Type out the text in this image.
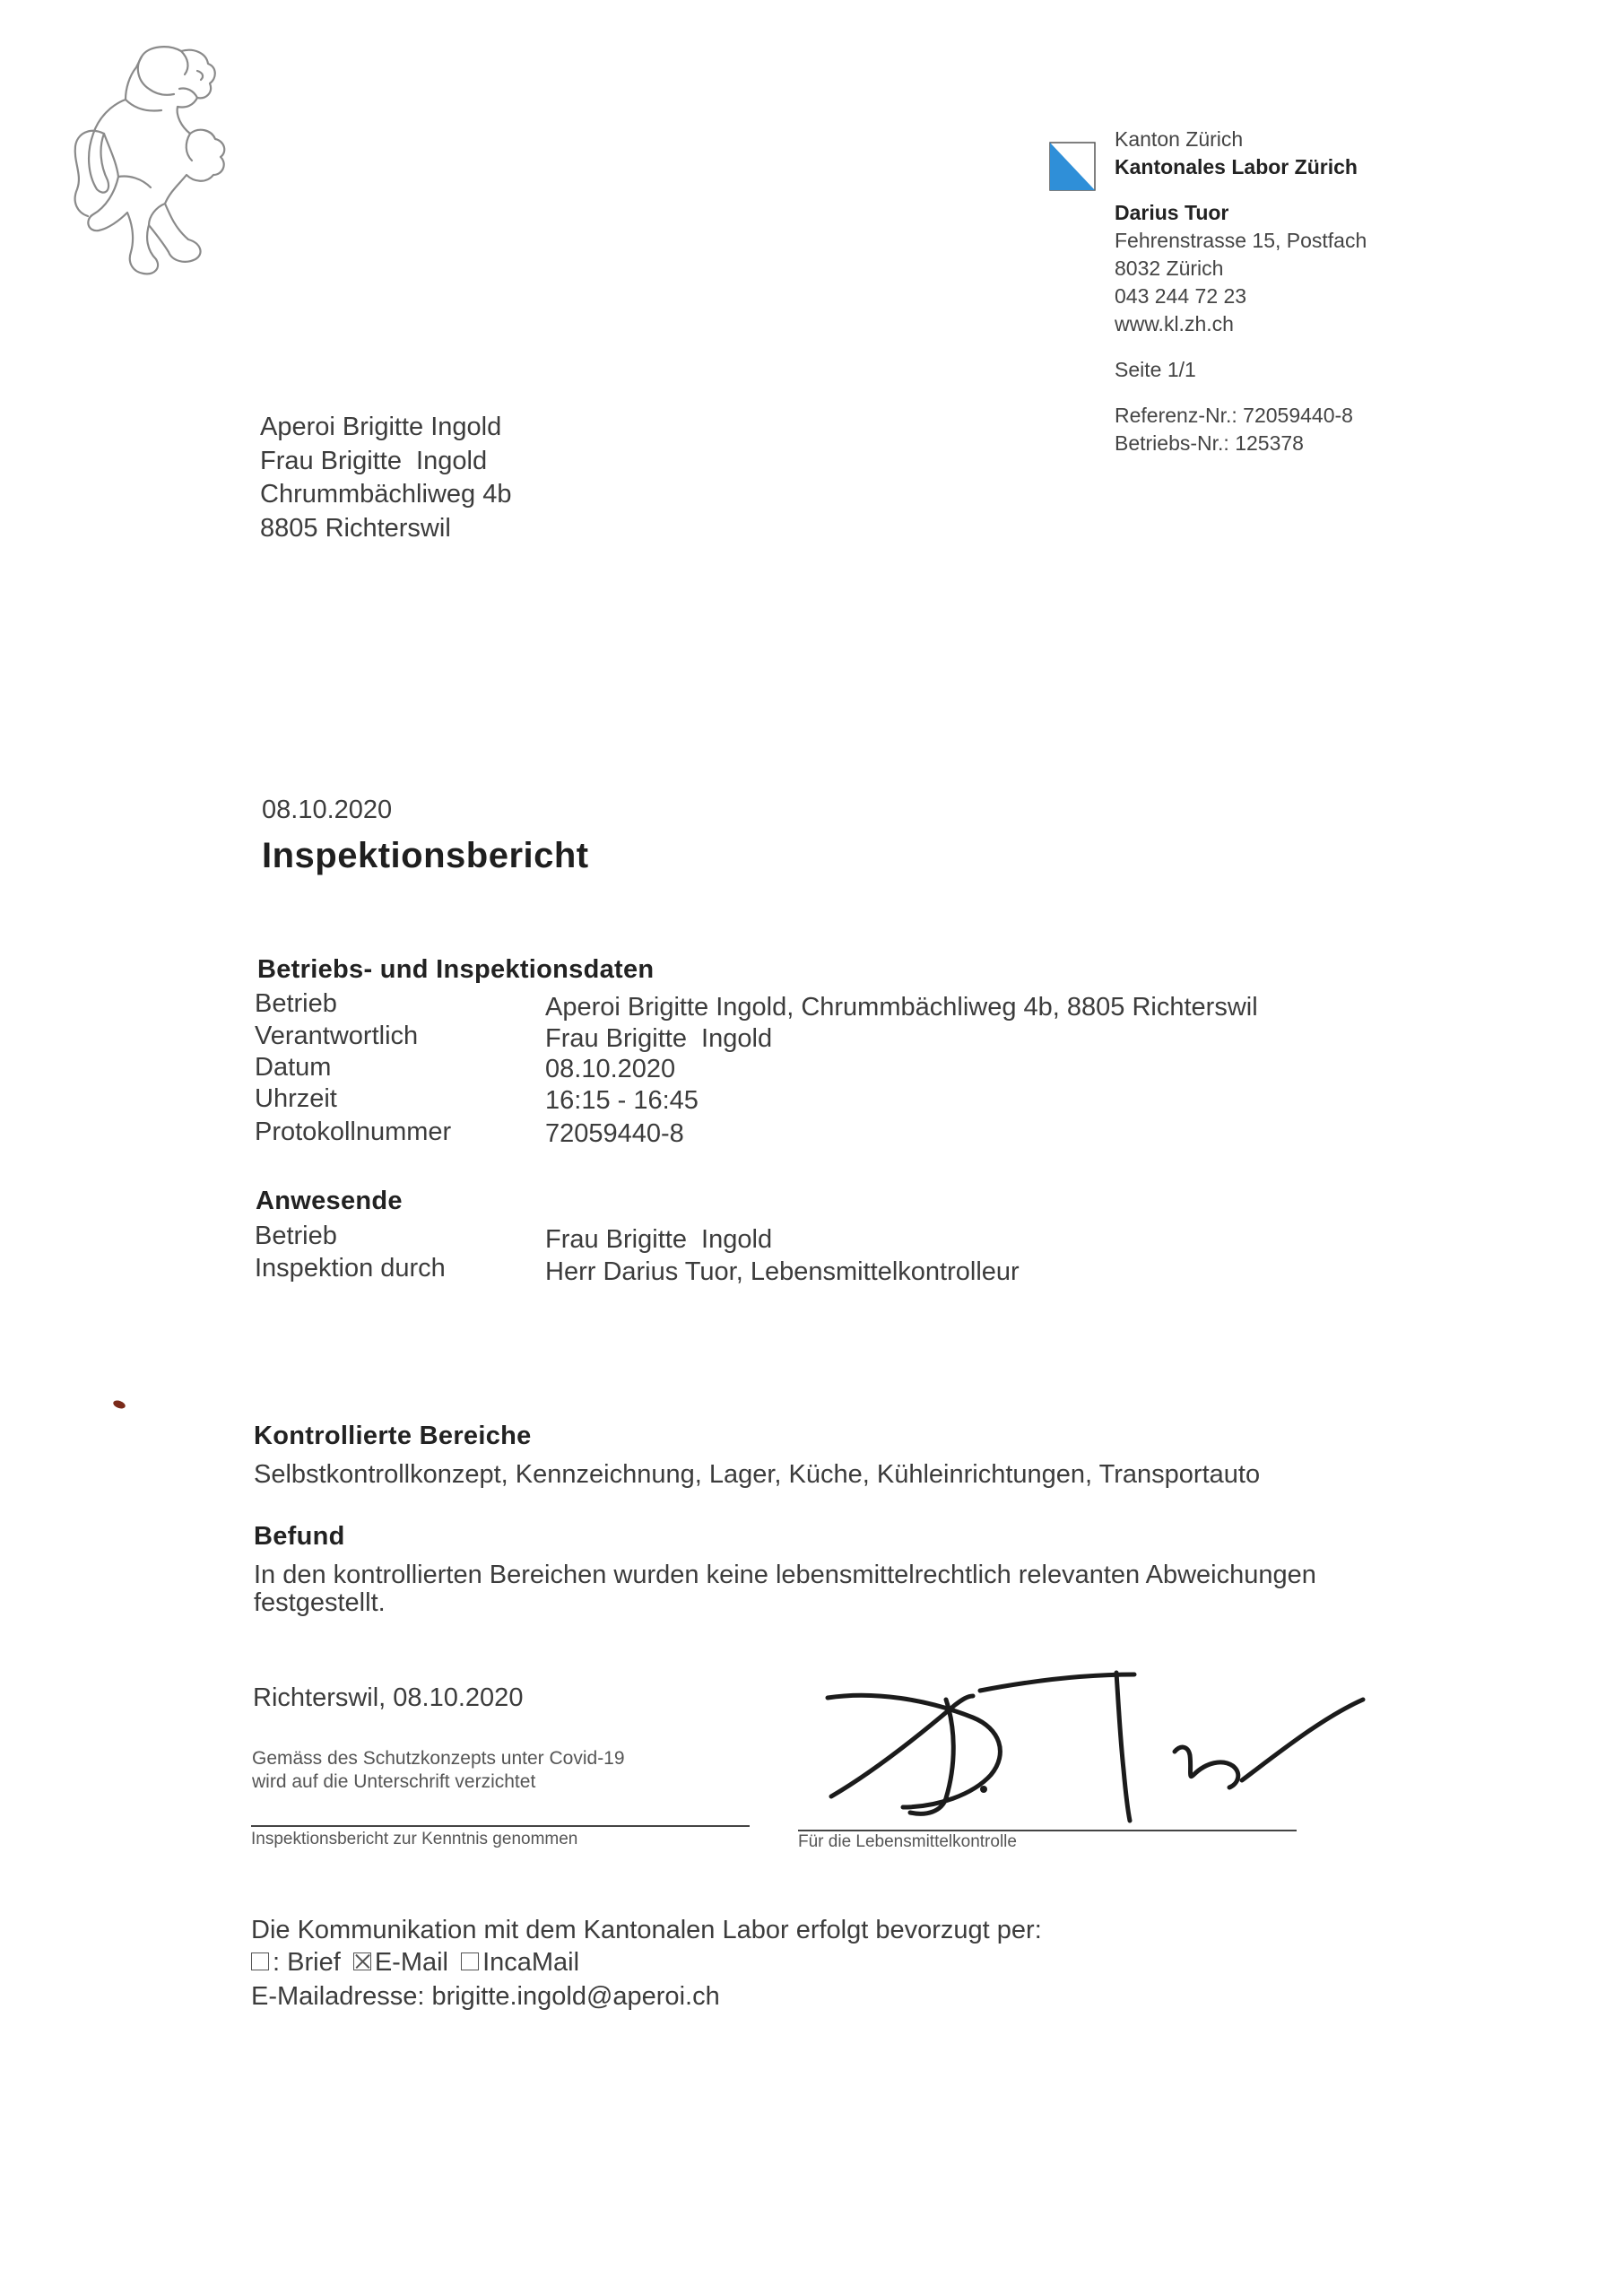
Kanton Zürich
Kantonales Labor Zürich
Darius Tuor
Fehrenstrasse 15, Postfach
8032 Zürich
043 244 72 23
www.kl.zh.ch
Seite 1/1
Referenz-Nr.: 72059440-8
Betriebs-Nr.: 125378
Aperoi Brigitte Ingold
Frau Brigitte  Ingold
Chrummbächliweg 4b
8805 Richterswil
08.10.2020
Inspektionsbericht
Betriebs- und Inspektionsdaten
Betrieb	Aperoi Brigitte Ingold, Chrummbächliweg 4b, 8805 Richterswil
Verantwortlich	Frau Brigitte  Ingold
Datum	08.10.2020
Uhrzeit	16:15 - 16:45
Protokollnummer	72059440-8
Anwesende
Betrieb	Frau Brigitte  Ingold
Inspektion durch	Herr Darius Tuor, Lebensmittelkontrolleur
Kontrollierte Bereiche
Selbstkontrollkonzept, Kennzeichnung, Lager, Küche, Kühleinrichtungen, Transportauto
Befund
In den kontrollierten Bereichen wurden keine lebensmittelrechtlich relevanten Abweichungen
festgestellt.
Richterswil, 08.10.2020
Gemäss des Schutzkonzepts unter Covid-19
wird auf die Unterschrift verzichtet
Inspektionsbericht zur Kenntnis genommen	Für die Lebensmittelkontrolle
Die Kommunikation mit dem Kantonalen Labor erfolgt bevorzugt per:
: Brief E-Mail IncaMail
E-Mailadresse: brigitte.ingold@aperoi.ch
